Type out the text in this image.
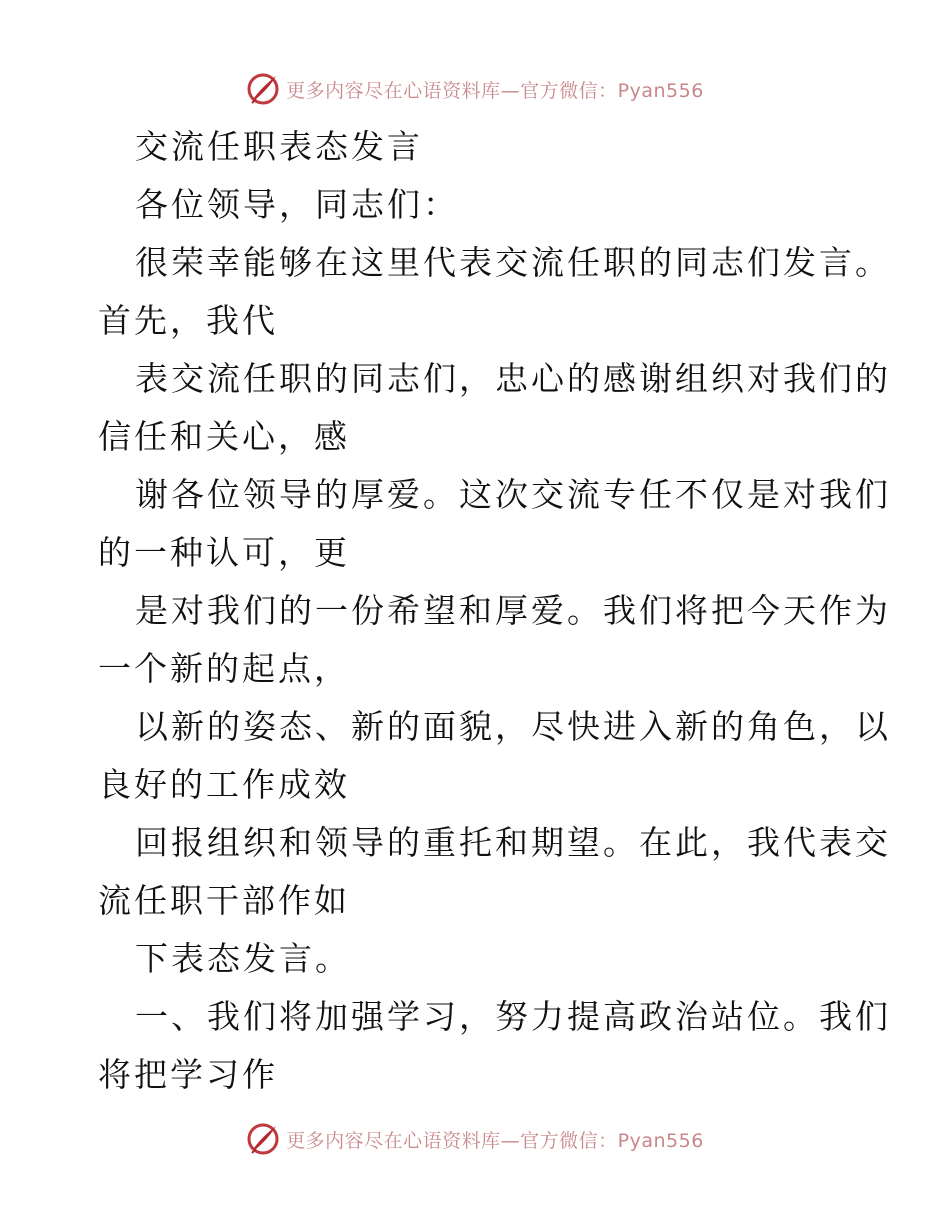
更多内容尽在心语资料库—官方微信：Pyan556

交流任职表态发言

各位领导，同志们：

很荣幸能够在这里代表交流任职的同志们发言。

首先，我代

表交流任职的同志们，忠心的感谢组织对我们的

信任和关心，感

谢各位领导的厚爱。这次交流专任不仅是对我们

的一种认可，更

是对我们的一份希望和厚爱。我们将把今天作为

一个新的起点，

以新的姿态、新的面貌，尽快进入新的角色，以

良好的工作成效

回报组织和领导的重托和期望。在此，我代表交

流任职干部作如

下表态发言。

一、我们将加强学习，努力提高政治站位。我们

将把学习作

更多内容尽在心语资料库—官方微信：Pyan556
